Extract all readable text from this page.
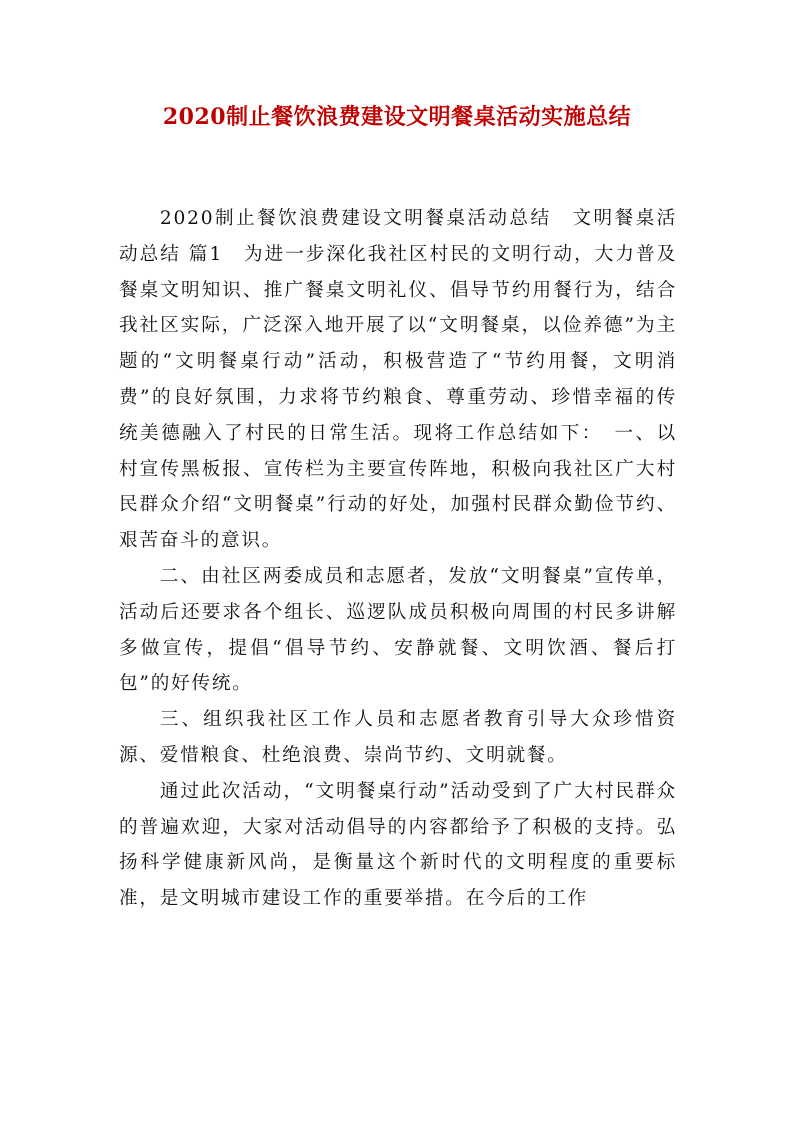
2020制止餐饮浪费建设文明餐桌活动实施总结

2020制止餐饮浪费建设文明餐桌活动总结　文明餐桌活动总结 篇1　为进一步深化我社区村民的文明行动，大力普及餐桌文明知识、推广餐桌文明礼仪、倡导节约用餐行为，结合我社区实际，广泛深入地开展了以“文明餐桌，以俭养德”为主题的“文明餐桌行动”活动，积极营造了“节约用餐，文明消费”的良好氛围，力求将节约粮食、尊重劳动、珍惜幸福的传统美德融入了村民的日常生活。现将工作总结如下：　一、以村宣传黑板报、宣传栏为主要宣传阵地，积极向我社区广大村民群众介绍“文明餐桌”行动的好处，加强村民群众勤俭节约、艰苦奋斗的意识。

二、由社区两委成员和志愿者，发放“文明餐桌”宣传单，活动后还要求各个组长、巡逻队成员积极向周围的村民多讲解多做宣传，提倡“倡导节约、安静就餐、文明饮酒、餐后打包”的好传统。

三、组织我社区工作人员和志愿者教育引导大众珍惜资源、爱惜粮食、杜绝浪费、崇尚节约、文明就餐。

通过此次活动，“文明餐桌行动”活动受到了广大村民群众的普遍欢迎，大家对活动倡导的内容都给予了积极的支持。弘扬科学健康新风尚，是衡量这个新时代的文明程度的重要标准，是文明城市建设工作的重要举措。在今后的工作
